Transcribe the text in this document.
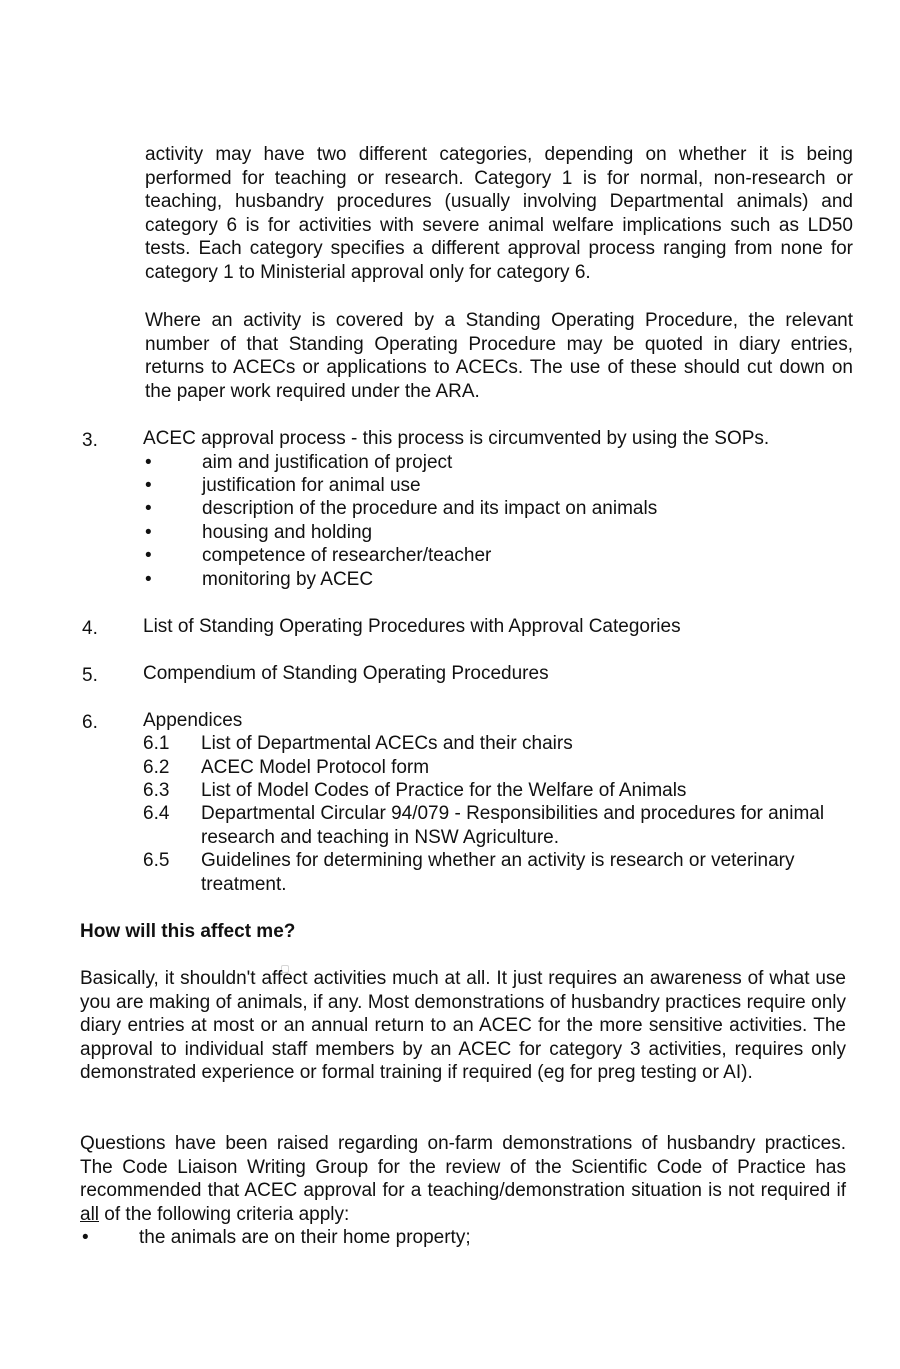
activity may have two different categories, depending on whether it is being performed for teaching or research. Category 1 is for normal, non-research or teaching, husbandry procedures (usually involving Departmental animals) and category 6 is for activities with severe animal welfare implications such as LD50 tests. Each category specifies a different approval process ranging from none for category 1 to Ministerial approval only for category 6.

Where an activity is covered by a Standing Operating Procedure, the relevant number of that Standing Operating Procedure may be quoted in diary entries, returns to ACECs or applications to ACECs. The use of these should cut down on the paper work required under the ARA.

3. ACEC approval process - this process is circumvented by using the SOPs.
•	aim and justification of project
•	justification for animal use
•	description of the procedure and its impact on animals
•	housing and holding
•	competence of researcher/teacher
•	monitoring by ACEC
4. List of Standing Operating Procedures with Approval Categories
5. Compendium of Standing Operating Procedures
6. Appendices
6.1 List of Departmental ACECs and their chairs
6.2 ACEC Model Protocol form
6.3 List of Model Codes of Practice for the Welfare of Animals
6.4 Departmental Circular 94/079 - Responsibilities and procedures for animal research and teaching in NSW Agriculture.
6.5 Guidelines for determining whether an activity is research or veterinary treatment.
How will this affect me?

Basically, it shouldn't affect activities much at all. It just requires an awareness of what use you are making of animals, if any. Most demonstrations of husbandry practices require only diary entries at most or an annual return to an ACEC for the more sensitive activities. The approval to individual staff members by an ACEC for category 3 activities, requires only demonstrated experience or formal training if required (eg for preg testing or AI).

Questions have been raised regarding on-farm demonstrations of husbandry practices. The Code Liaison Writing Group for the review of the Scientific Code of Practice has recommended that ACEC approval for a teaching/demonstration situation is not required if all of the following criteria apply:

•	the animals are on their home property;
